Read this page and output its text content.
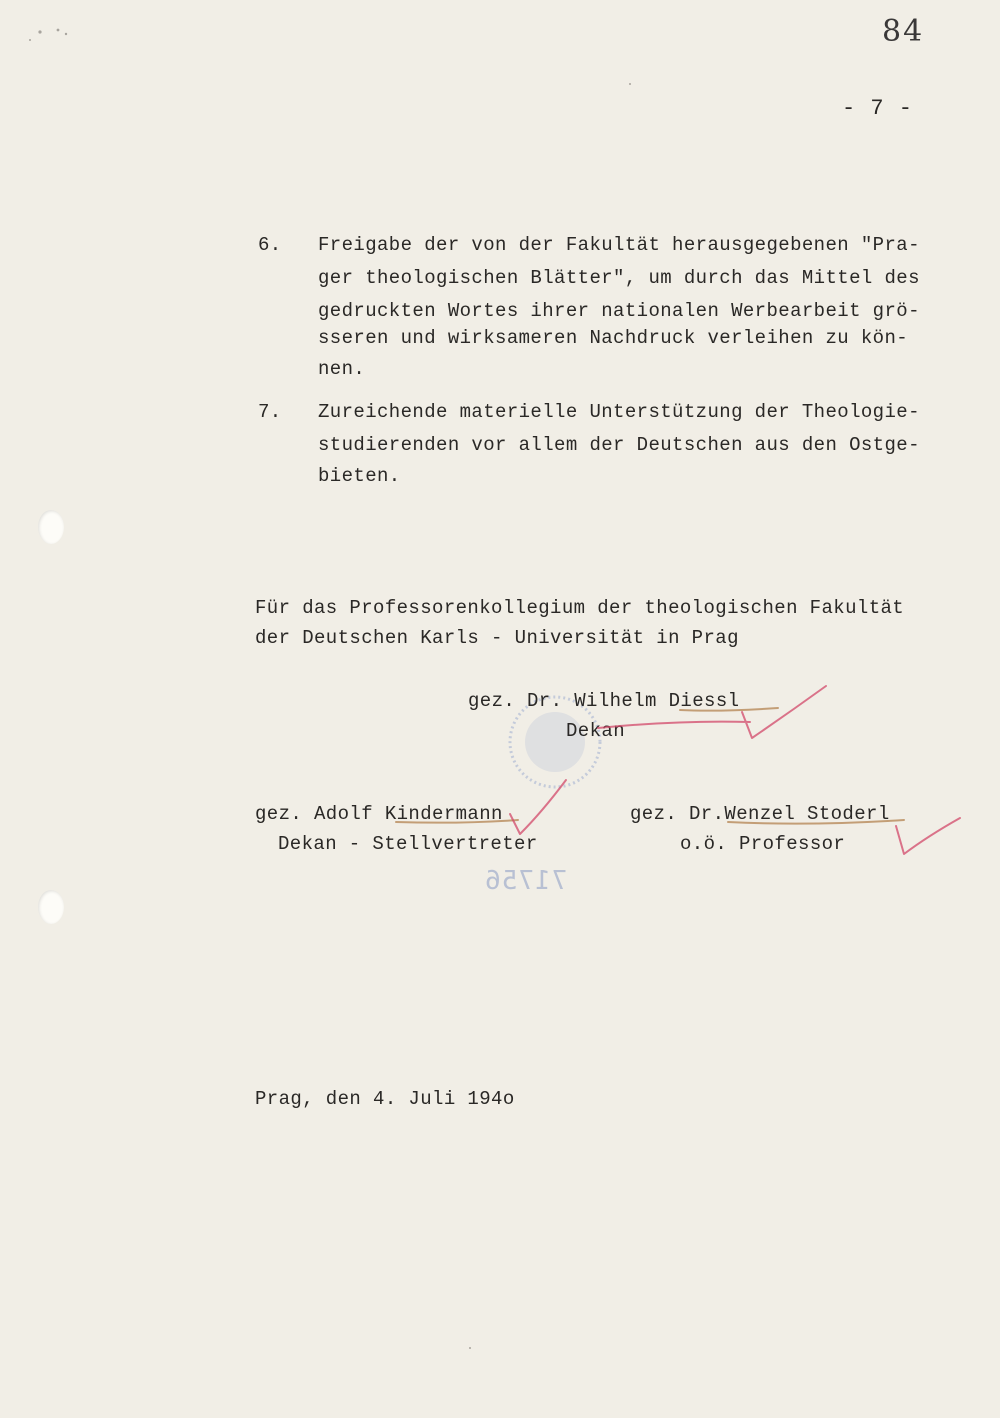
84
- 7 -
6. Freigabe der von der Fakultät herausgegebenen "Pra-
ger theologischen Blätter", um durch das Mittel des
gedruckten Wortes ihrer nationalen Werbearbeit grö-
sseren und wirksameren Nachdruck verleihen zu kön-
nen.
7. Zureichende materielle Unterstützung der Theologie-
studierenden vor allem der Deutschen aus den Ostge-
bieten.
Für das Professorenkollegium der theologischen Fakultät
der Deutschen Karls - Universität in Prag
gez. Dr. Wilhelm Diessl
Dekan
gez. Adolf Kindermann
Dekan - Stellvertreter
gez. Dr.Wenzel Stoderl
o.ö. Professor
71756
Prag, den 4. Juli 194o
